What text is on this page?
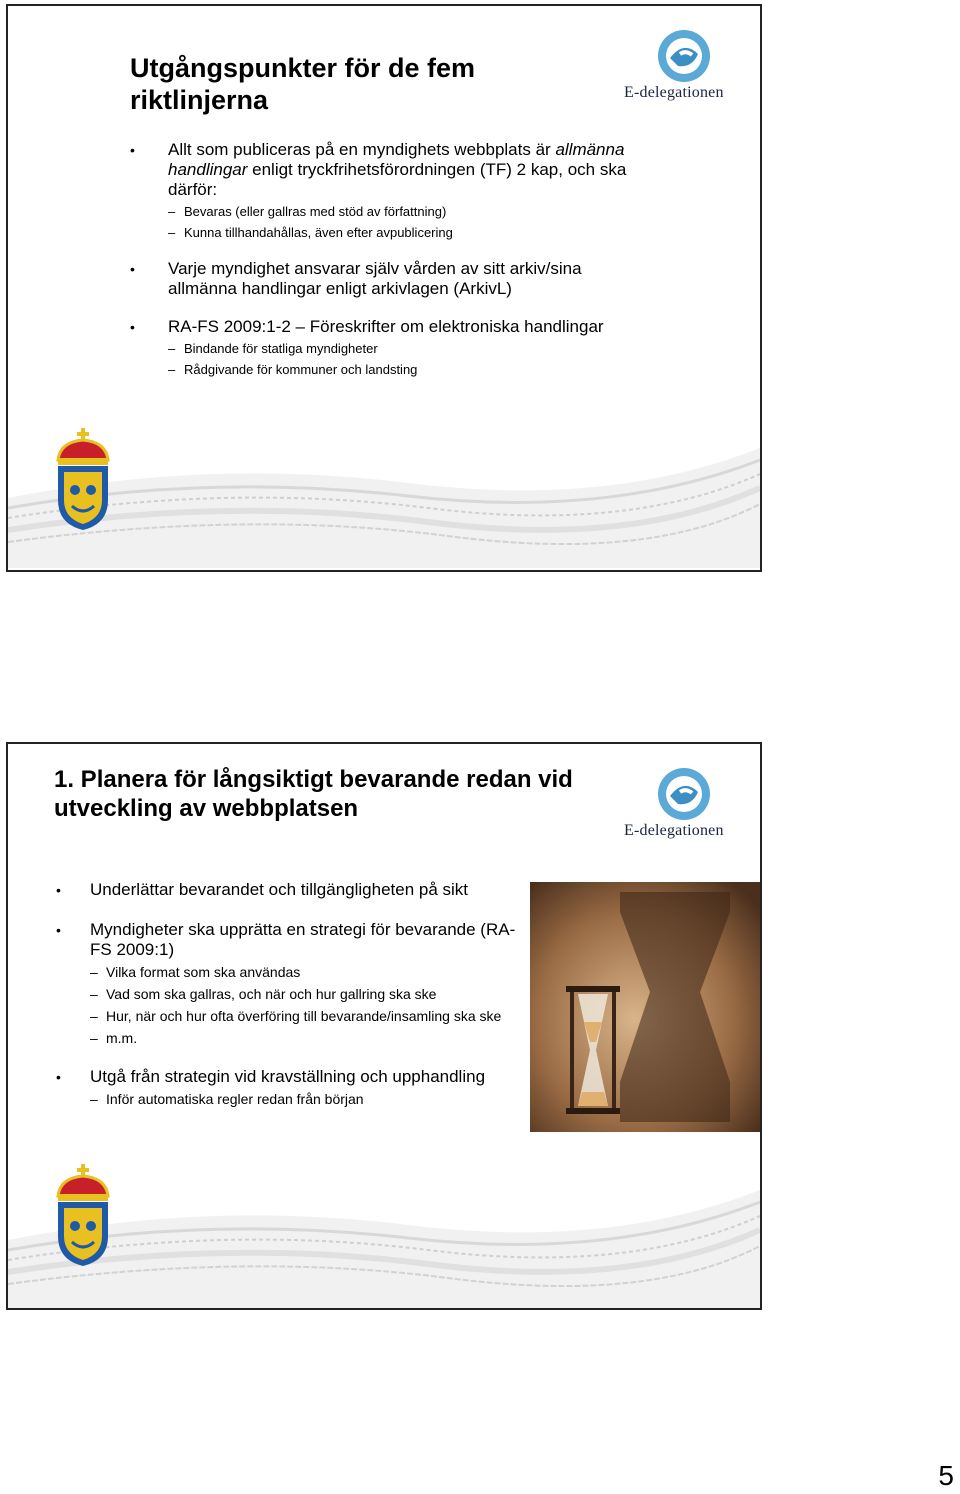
Utgångspunkter för de fem riktlinjerna	E-delegationen
• Allt som publiceras på en myndighets webbplats är allmänna handlingar enligt tryckfrihetsförordningen (TF) 2 kap, och ska därför:
– Bevaras (eller gallras med stöd av författning)
– Kunna tillhandahållas, även efter avpublicering
• Varje myndighet ansvarar själv vården av sitt arkiv/sina allmänna handlingar enligt arkivlagen (ArkivL)
• RA-FS 2009:1-2 – Föreskrifter om elektroniska handlingar
– Bindande för statliga myndigheter
– Rådgivande för kommuner och landsting
1. Planera för långsiktigt bevarande redan vid utveckling av webbplatsen
E-delegationen
• Underlättar bevarandet och tillgängligheten på sikt
• Myndigheter ska upprätta en strategi för bevarande (RA-FS 2009:1)
– Vilka format som ska användas
– Vad som ska gallras, och när och hur gallring ska ske
– Hur, när och hur ofta överföring till bevarande/insamling ska ske
– m.m.
• Utgå från strategin vid kravställning och upphandling
– Inför automatiska regler redan från början
5
